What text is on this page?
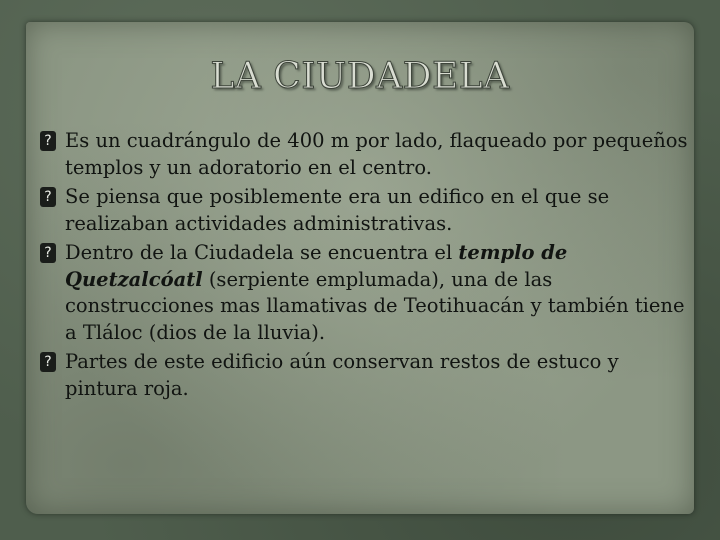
LA CIUDADELA
? Es un cuadrángulo de 400 m por lado, flaqueado por pequeños templos y un adoratorio en el centro.
? Se piensa que posiblemente era un edifico en el que se realizaban actividades administrativas.
? Dentro de la Ciudadela se encuentra el templo de Quetzalcóatl (serpiente emplumada), una de las construcciones mas llamativas de Teotihuacán y también tiene a Tláloc (dios de la lluvia).
? Partes de este edificio aún conservan restos de estuco y pintura roja.
